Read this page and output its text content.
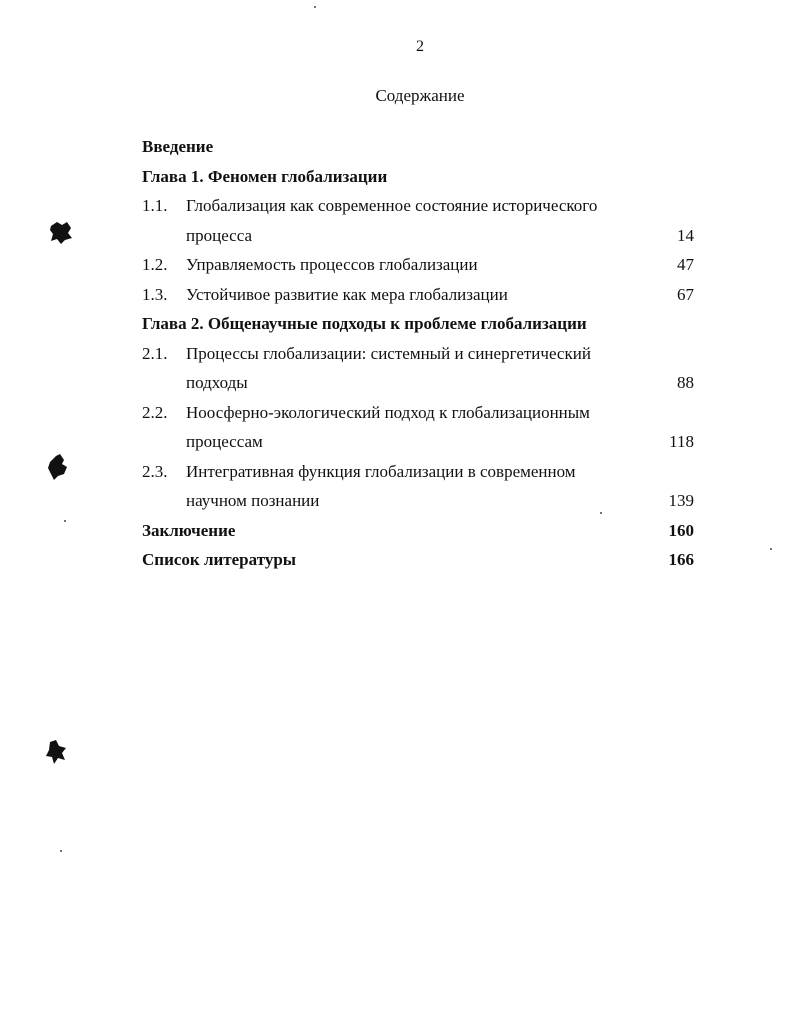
2
Содержание
Введение
Глава 1. Феномен глобализации
1.1. Глобализация как современное состояние исторического
процесса	14
1.2. Управляемость процессов глобализации	47
1.3. Устойчивое развитие как мера глобализации	67
Глава 2. Общенаучные подходы к проблеме глобализации
2.1. Процессы глобализации: системный и синергетический
подходы	88
2.2. Ноосферно-экологический подход к глобализационным
процессам	118
2.3. Интегративная функция глобализации в современном
научном познании	139
Заключение	160
Список литературы	166
